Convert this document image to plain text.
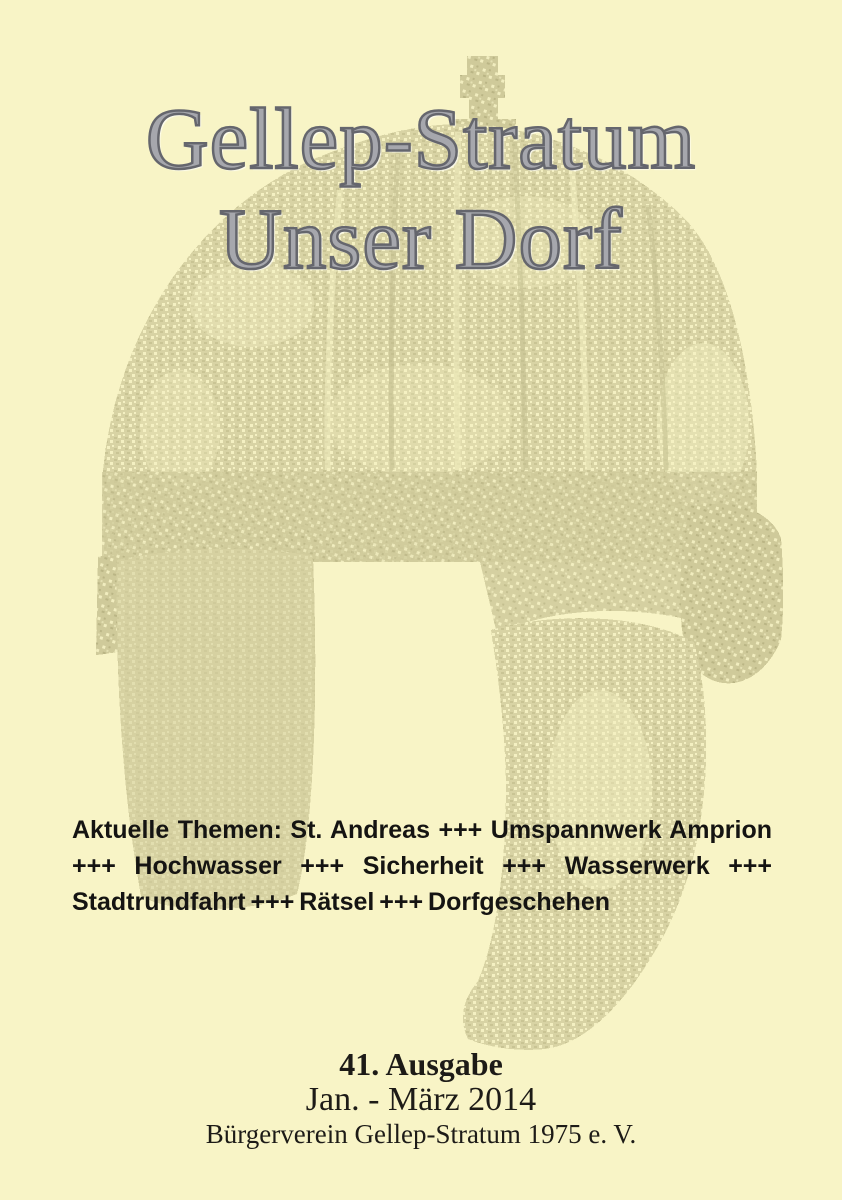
Gellep-Stratum
Unser Dorf
Aktuelle Themen: St. Andreas +++ Umspannwerk Amprion
+++ Hochwasser +++ Sicherheit +++ Wasserwerk +++
Stadtrundfahrt +++ Rätsel +++ Dorfgeschehen
41. Ausgabe
Jan. - März 2014
Bürgerverein Gellep-Stratum 1975 e. V.
